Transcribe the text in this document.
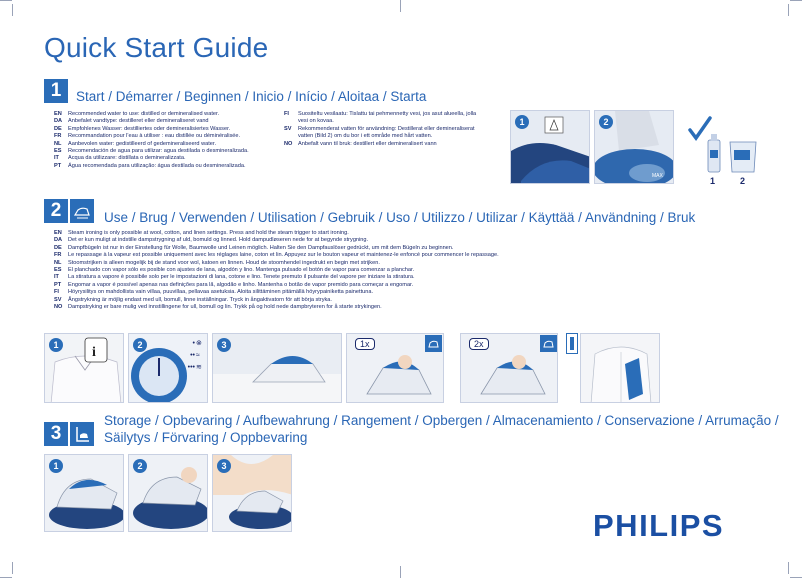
Quick Start Guide
1	Start / Démarrer / Beginnen / Inicio / Início / Aloitaa / Starta
EN	Recommended water to use: distilled or demineralised water.
DA	Anbefalet vandtype: destilleret eller demineraliseret vand
DE	Empfohlenes Wasser: destilliertes oder demineralisiertes Wasser.
FR	Recommandation pour l'eau à utiliser : eau distillée ou déminéralisée.
NL	Aanbevolen water: gedistilleerd of gedemineraliseerd water.
ES	Recomendación de agua para utilizar: agua destilada o desmineralizada.
IT	Acqua da utilizzare: distillata o demineralizzata.
PT	Água recomendada para utilização: água destilada ou desmineralizada.
FI	Suositeltu vesilaatu: Tislattu tai pehmennetty vesi, jos asut alueella, jolla
vesi on kovaa.
SV	Rekommenderat vatten för användning: Destillerat eller demineraliserat
vatten (Bild 2) om du bor i ett område med hårt vatten.
NO	Anbefalt vann til bruk: destillert eller demineralisert vann
1	2
MAX	1	2
2	Use / Brug / Verwenden / Utilisation / Gebruik / Uso / Utilizzo / Utilizar / Käyttää / Användning / Bruk
EN	Steam ironing is only possible at wool, cotton, and linen settings. Press and hold the steam trigger to start ironing.
DA	Det er kun muligt at indstille dampstrygning af uld, bomuld og linned. Hold dampudløseren nede for at begynde strygning.
DE	Dampfbügeln ist nur in der Einstellung für Wolle, Baumwolle und Leinen möglich. Halten Sie den Dampfauslöser gedrückt, um mit dem Bügeln zu beginnen.
FR	Le repassage à la vapeur est possible uniquement avec les réglages laine, coton et lin. Appuyez sur le bouton vapeur et maintenez-le enfoncé pour commencer le repassage.
NL	Stoomstrijken is alleen mogelijk bij de stand voor wol, katoen en linnen. Houd de stoomhendel ingedrukt en begin met strijken.
ES	El planchado con vapor sólo es posible con ajustes de lana, algodón y lino. Mantenga pulsado el botón de vapor para comenzar a planchar.
IT	La stiratura a vapore è possibile solo per le impostazioni di lana, cotone e lino. Tenete premuto il pulsante del vapore per iniziare la stiratura.
PT	Engomar a vapor é possível apenas nas definições para lã, algodão e linho. Mantenha o botão de vapor premido para começar a engomar.
FI	Höyrysilitys on mahdollista vain villaa, puuvillaa, pellavaa asetuksia. Aloita silittäminen pitämällä höyrypainiketta painettuna.
SV	Ångstrykning är möjlig endast med ull, bomull, linne inställningar. Tryck in ångaktivatorn för att börja stryka.
NO	Dampstryking er bare mulig ved innstillingene for ull, bomull og lin. Trykk på og hold nede dampbryteren for å starte strykingen.
1	i	2	•
••
•••
⊗
≈
≋
3	1x	2x
3
Storage / Opbevaring / Aufbewahrung / Rangement / Opbergen / Almacenamiento / Conservazione / Arrumação /
Säilytys / Förvaring / Oppbevaring
1	2	3
PHILIPS
